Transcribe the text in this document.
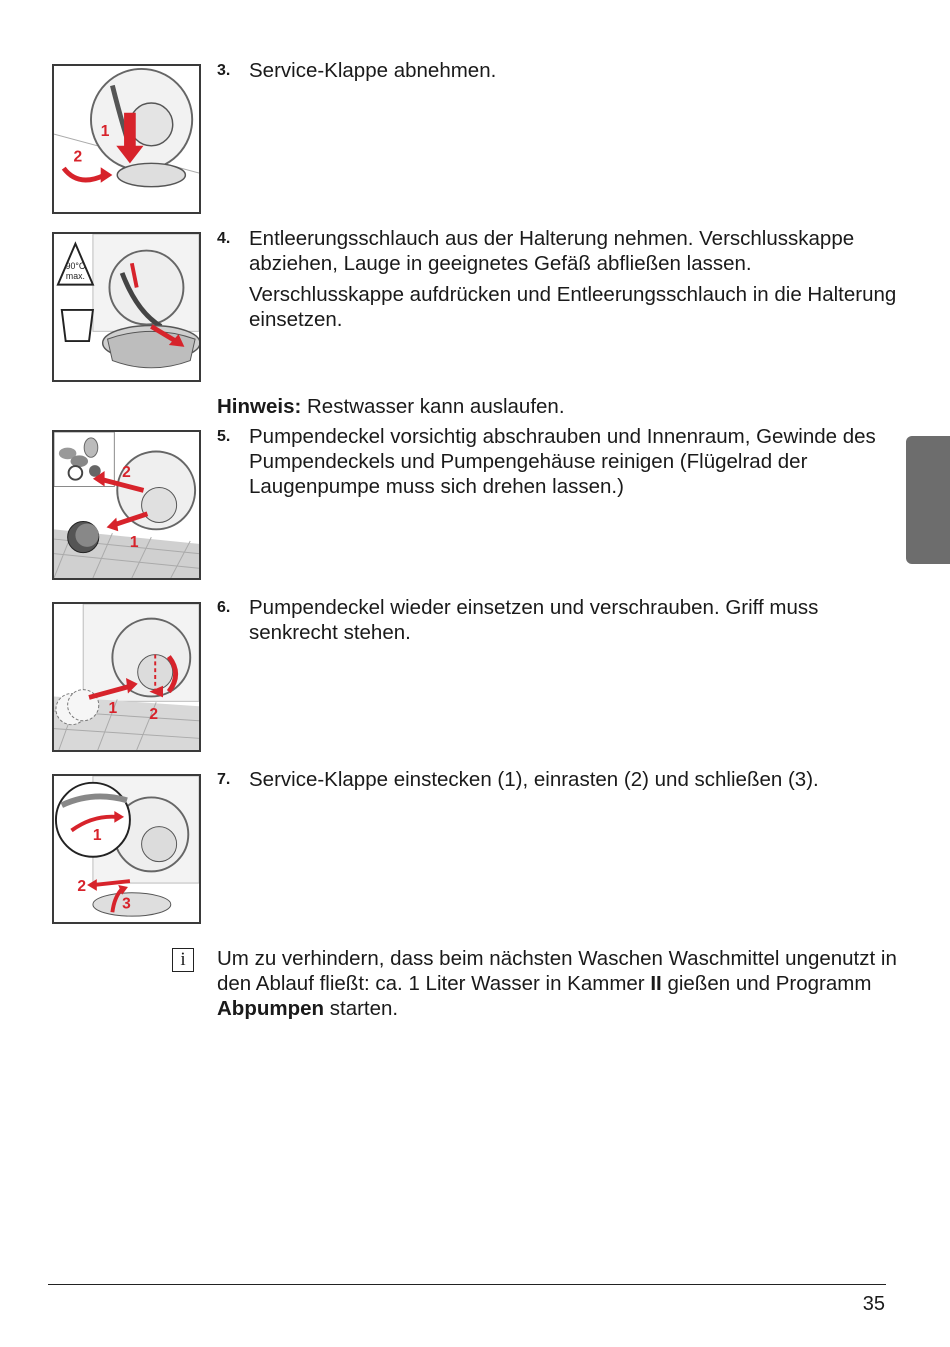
1
2
90°C
max.
2
1
1 2
1
2
3
3. Service-Klappe abnehmen.

4. Entleerungsschlauch aus der Halterung nehmen. Verschlusskappe abziehen, Lauge in geeignetes Gefäß abfließen lassen.

Verschlusskappe aufdrücken und Entleerungsschlauch in die Halterung einsetzen.

Hinweis: Restwasser kann auslaufen.
5. Pumpendeckel vorsichtig abschrauben und Innenraum, Gewinde des Pumpendeckels und Pumpengehäuse reinigen (Flügelrad der Laugenpumpe muss sich drehen lassen.)

6. Pumpendeckel wieder einsetzen und verschrauben. Griff muss senkrecht stehen.

7. Service-Klappe einstecken (1), einrasten (2) und schließen (3).

i	Um zu verhindern, dass beim nächsten Waschen Waschmittel ungenutzt in den Ablauf fließt: ca. 1 Liter Wasser in Kammer II gießen und Programm Abpumpen starten.
35
